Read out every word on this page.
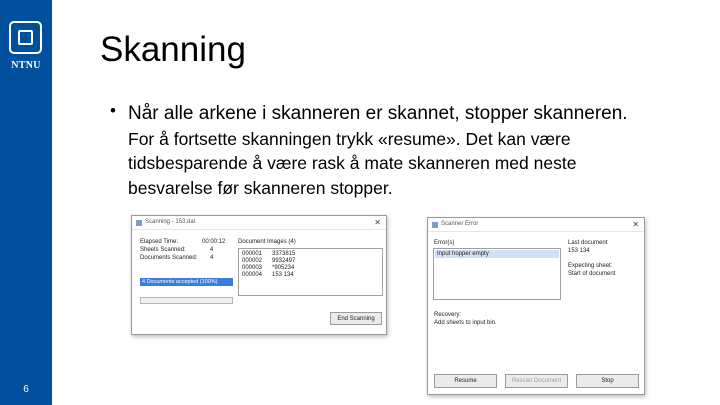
NTNU
6
Skanning
• Når alle arkene i skanneren er skannet, stopper skanneren.
For å fortsette skanningen trykk «resume». Det kan være
tidsbesparende å være rask å mate skanneren med neste
besvarelse før skanneren stopper.
Scanning - 153.dat	✕
Elapsed Time:	00:00:12
Sheets Scanned:	4
Documents Scanned: 4
Document Images (4)
000001 3373815
000002 9932497
000003 *905234
000004 153 134
4 Documents accepted (100%)
End Scanning
Scanner Error	✕
Error(s)
Input hopper empty
Last document
153 134
Expecting sheet:
Start of document
Recovery:
Add sheets to input bin.
Resume	Rescan Document	Stop
